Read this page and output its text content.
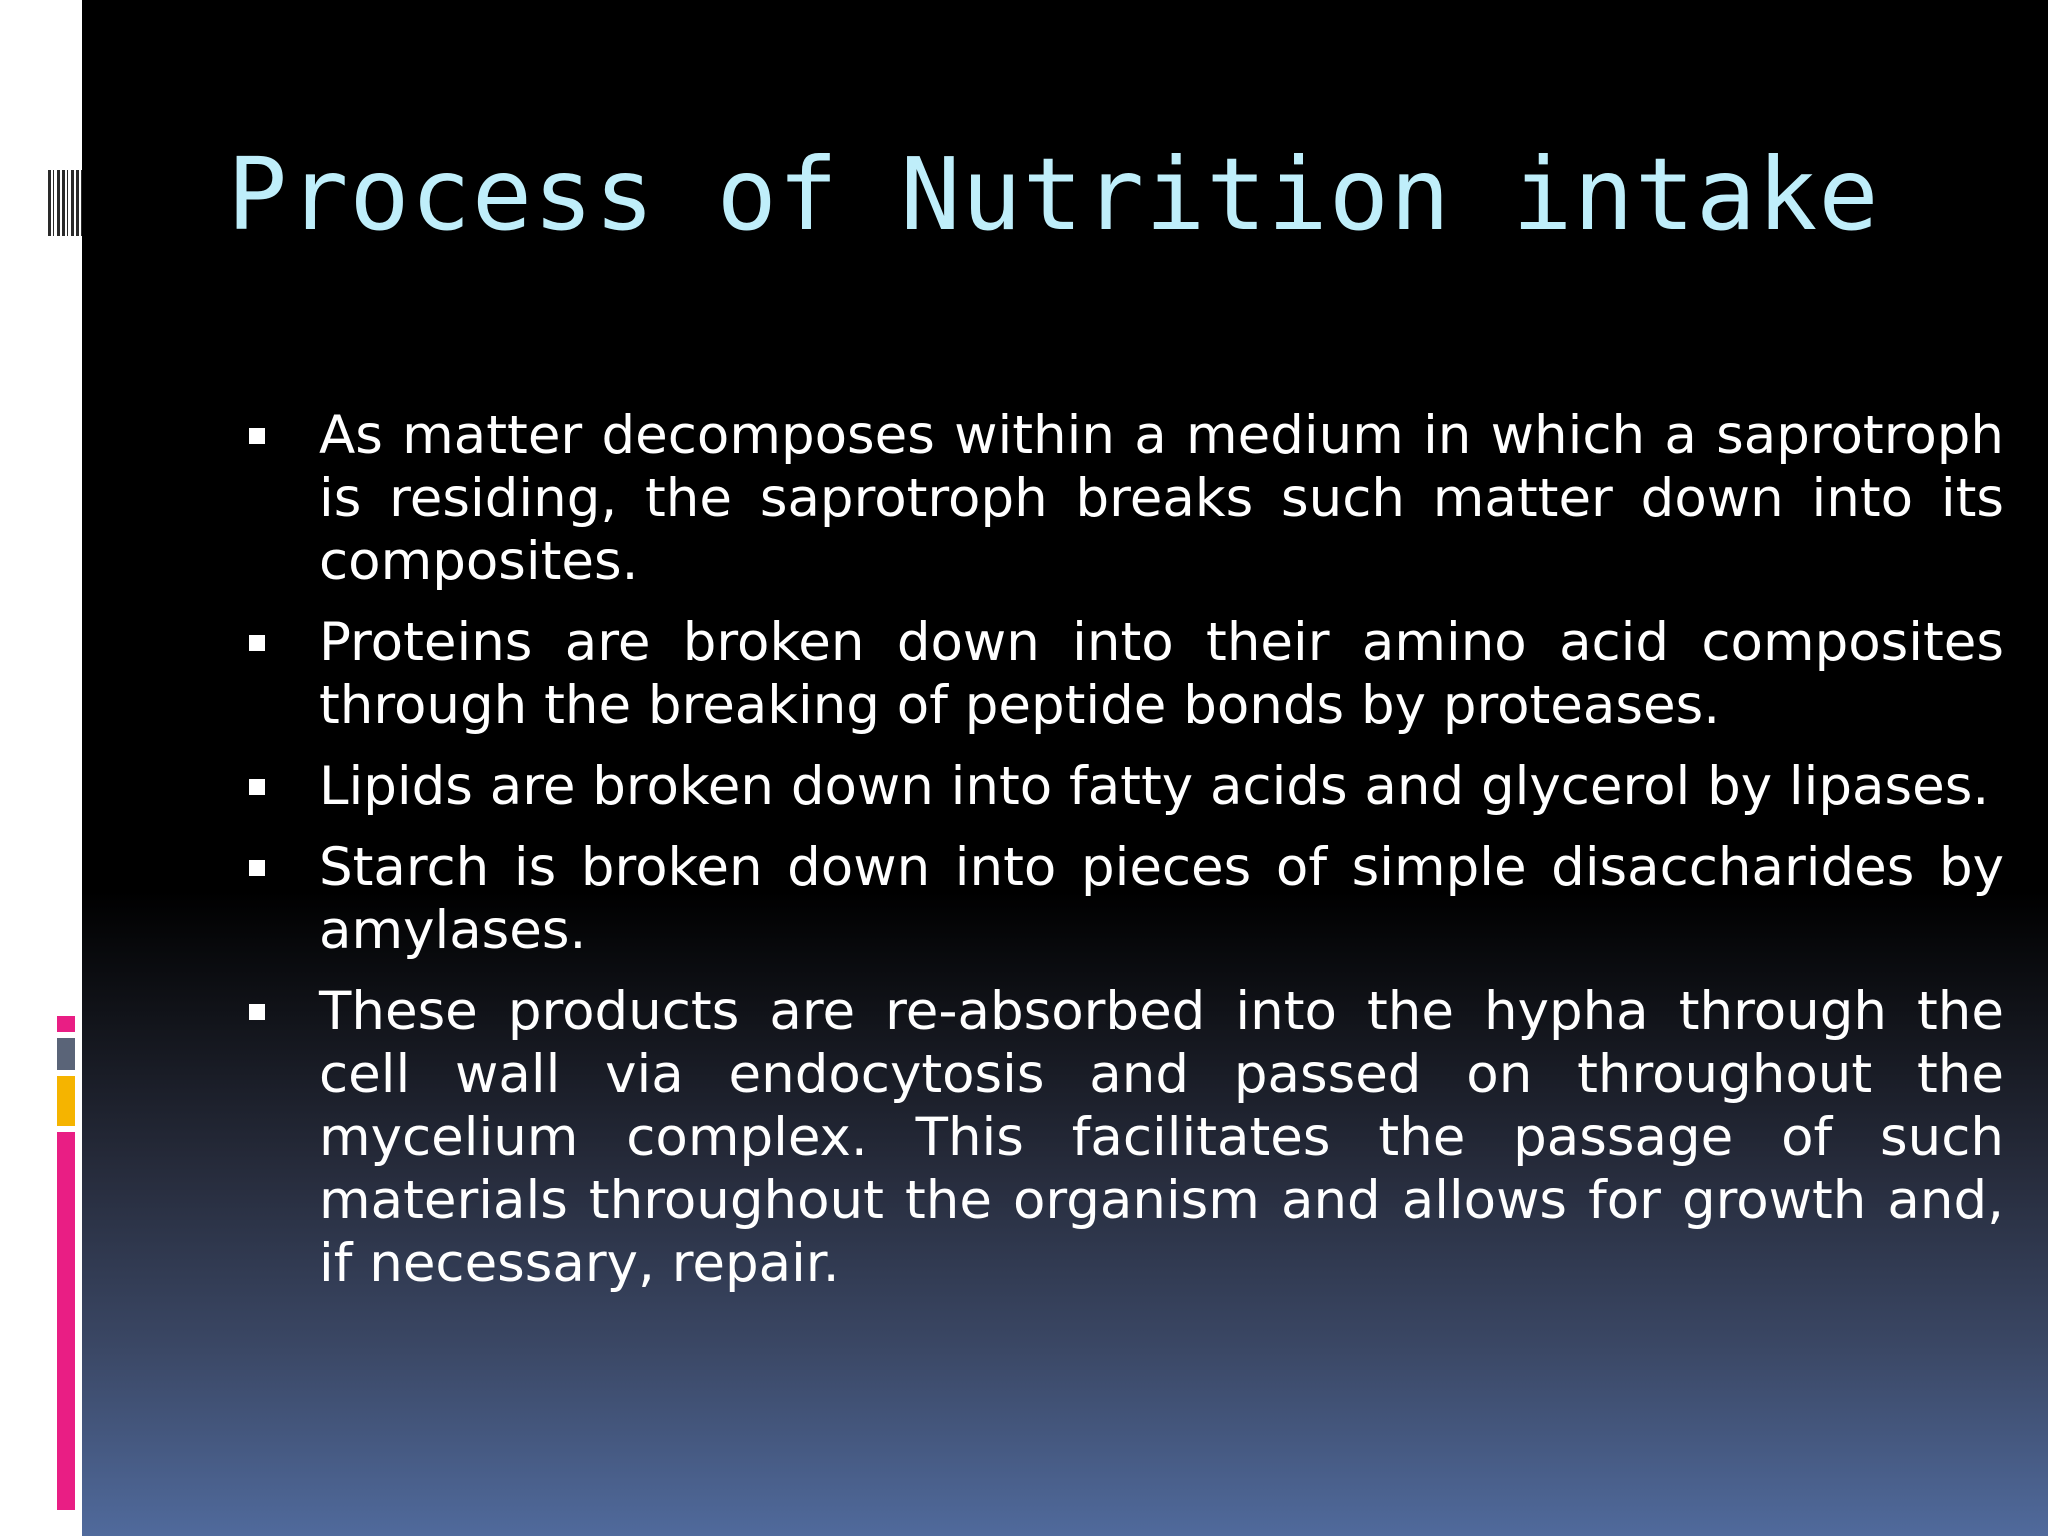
Process of Nutrition intake
As matter decomposes within a medium in which a saprotroph is residing, the saprotroph breaks such matter down into its composites.
Proteins are broken down into their amino acid composites through the breaking of peptide bonds by proteases.
Lipids are broken down into fatty acids and glycerol by lipases.
Starch is broken down into pieces of simple disaccharides by amylases.
These products are re-absorbed into the hypha through the cell wall via endocytosis and passed on throughout the mycelium complex. This facilitates the passage of such materials throughout the organism and allows for growth and, if necessary, repair.
